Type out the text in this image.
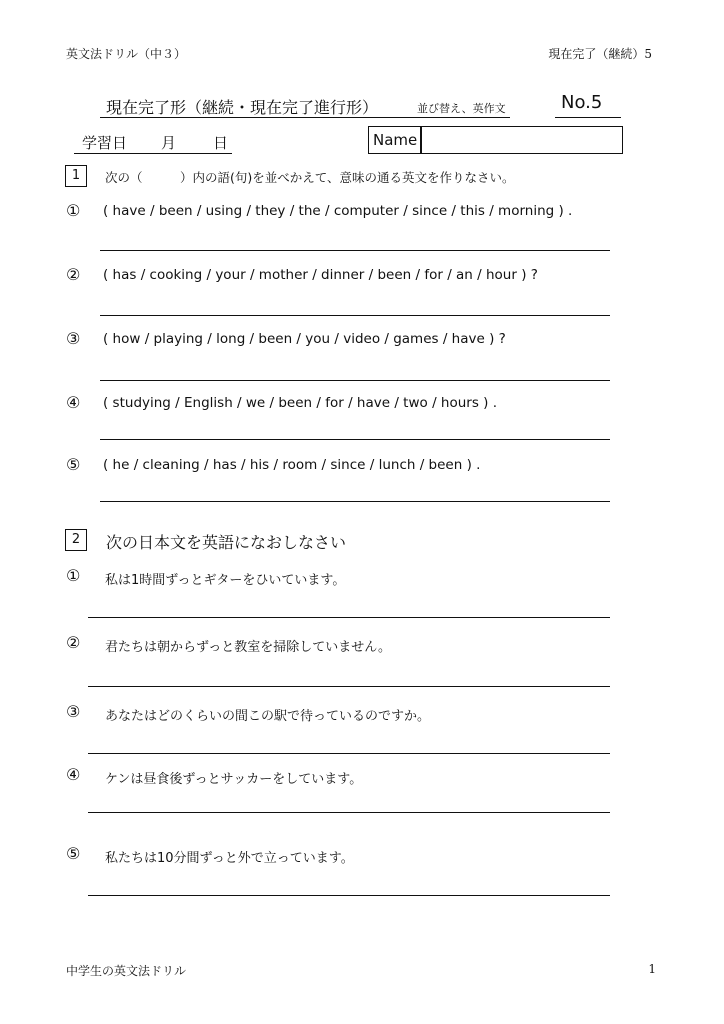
英文法ドリル（中３）	現在完了（継続）5
現在完了形（継続・現在完了進行形）	並び替え、英作文	No.5
学習日 月 日	Name
1	次の（　　　）内の語(句)を並べかえて、意味の通る英文を作りなさい。
① ( have / been / using / they / the / computer / since / this / morning ) .
② ( has / cooking / your / mother / dinner / been / for / an / hour ) ?
③ ( how / playing / long / been / you / video / games / have ) ?
④ ( studying / English / we / been / for / have / two / hours ) .
⑤ ( he / cleaning / has / his / room / since / lunch / been ) .
2	次の日本文を英語になおしなさい
① 私は1時間ずっとギターをひいています。
② 君たちは朝からずっと教室を掃除していません。
③ あなたはどのくらいの間この駅で待っているのですか。
④ ケンは昼食後ずっとサッカーをしています。
⑤ 私たちは10分間ずっと外で立っています。
中学生の英文法ドリル	1
